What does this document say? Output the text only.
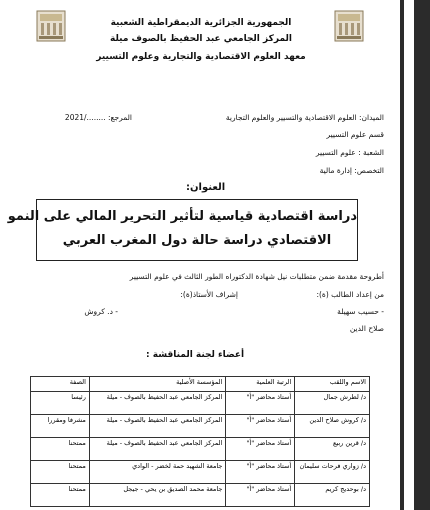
الجمهورية الجزائرية الديمقراطية الشعبية
المركز الجامعي عبد الحفيظ بالصوف ميلة
معهد العلوم الاقتصادية والتجارية وعلوم التسيير
الميدان: العلوم الاقتصادية والتسيير والعلوم التجارية
المرجع: ......../2021
قسم علوم التسيير
الشعبة : علوم التسيير
التخصص: إدارة مالية
العنوان:
دراسة اقتصادية قياسية لتأثير التحرير المالي على النمو
الاقتصادي دراسة حالة دول المغرب العربي
أطروحة مقدمة ضمن متطلبات نيل شهادة الدكتوراه الطور الثالث في علوم التسيير
من إعداد الطالب (ة):
إشراف الأستاذ(ة):
- حسيب سهيلة
صلاح الدين
- د. كروش
أعضاء لجنة المناقشة :
الاسم واللقب	الرتبة العلمية	المؤسسة الأصلية	الصفة
د/ لطرش جمال	أستاذ محاضر "أ"	المركز الجامعي عبد الحفيظ بالصوف - ميلة	رئيسا
د/ كروش صلاح الدين	أستاذ محاضر "أ"	المركز الجامعي عبد الحفيظ بالصوف - ميلة	مشرفا ومقررا
د/ قرين ربيع	أستاذ محاضر "أ"	المركز الجامعي عبد الحفيظ بالصوف - ميلة	ممتحنا
د/ زواري فرحات سليمان	أستاذ محاضر "أ"	جامعة الشهيد حمة لخضر - الوادي	ممتحنا
د/ بوحديج كريم	أستاذ محاضر "أ"	جامعة محمد الصديق بن يحي - جيجل	ممتحنا
